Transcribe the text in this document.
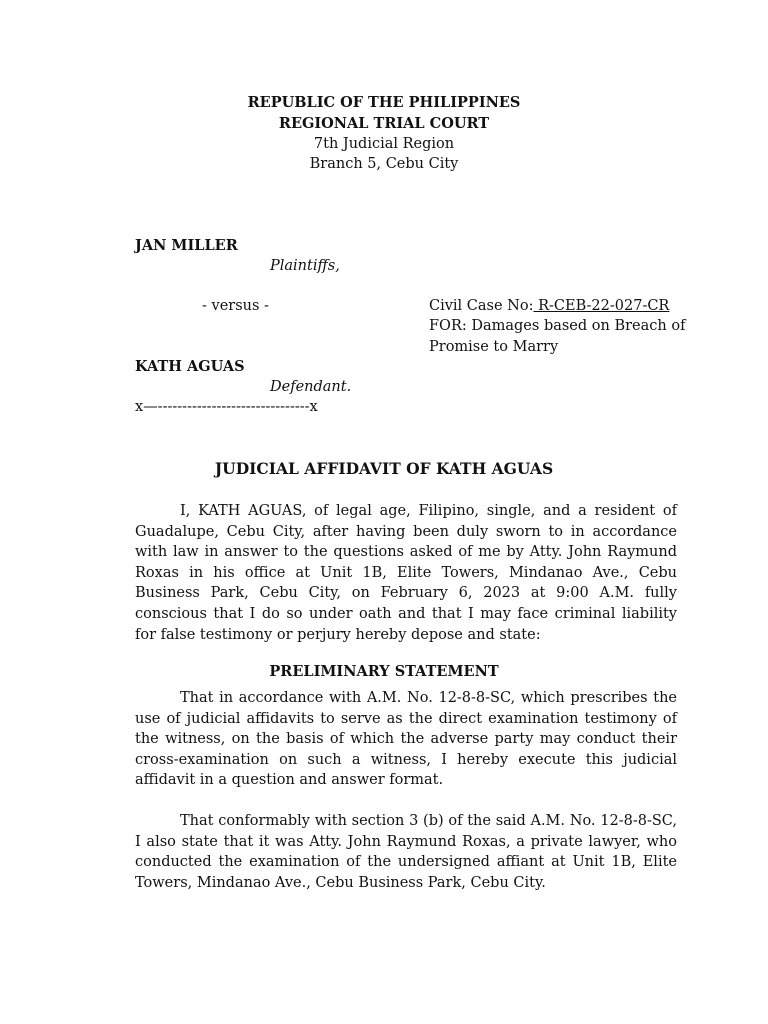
REPUBLIC OF THE PHILIPPINES
REGIONAL TRIAL COURT
7th Judicial Region
Branch 5, Cebu City
JAN MILLER
Plaintiffs,
- versus -	Civil Case No: R-CEB-22-027-CR
FOR: Damages based on Breach of
Promise to Marry
KATH AGUAS
Defendant.
x—-------------------------------x
JUDICIAL AFFIDAVIT OF KATH AGUAS

I, KATH AGUAS, of legal age, Filipino, single, and a resident of Guadalupe, Cebu City, after having been duly sworn to in accordance with law in answer to the questions asked of me by Atty. John Raymund Roxas in his office at Unit 1B, Elite Towers, Mindanao Ave., Cebu Business Park, Cebu City, on February 6, 2023 at 9:00 A.M. fully conscious that I do so under oath and that I may face criminal liability for false testimony or perjury hereby depose and state:

PRELIMINARY STATEMENT

That in accordance with A.M. No. 12-8-8-SC, which prescribes the use of judicial affidavits to serve as the direct examination testimony of the witness, on the basis of which the adverse party may conduct their cross-examination on such a witness, I hereby execute this judicial affidavit in a question and answer format.

That conformably with section 3 (b) of the said A.M. No. 12-8-8-SC, I also state that it was Atty. John Raymund Roxas, a private lawyer, who conducted the examination of the undersigned affiant at Unit 1B, Elite Towers, Mindanao Ave., Cebu Business Park, Cebu City.
